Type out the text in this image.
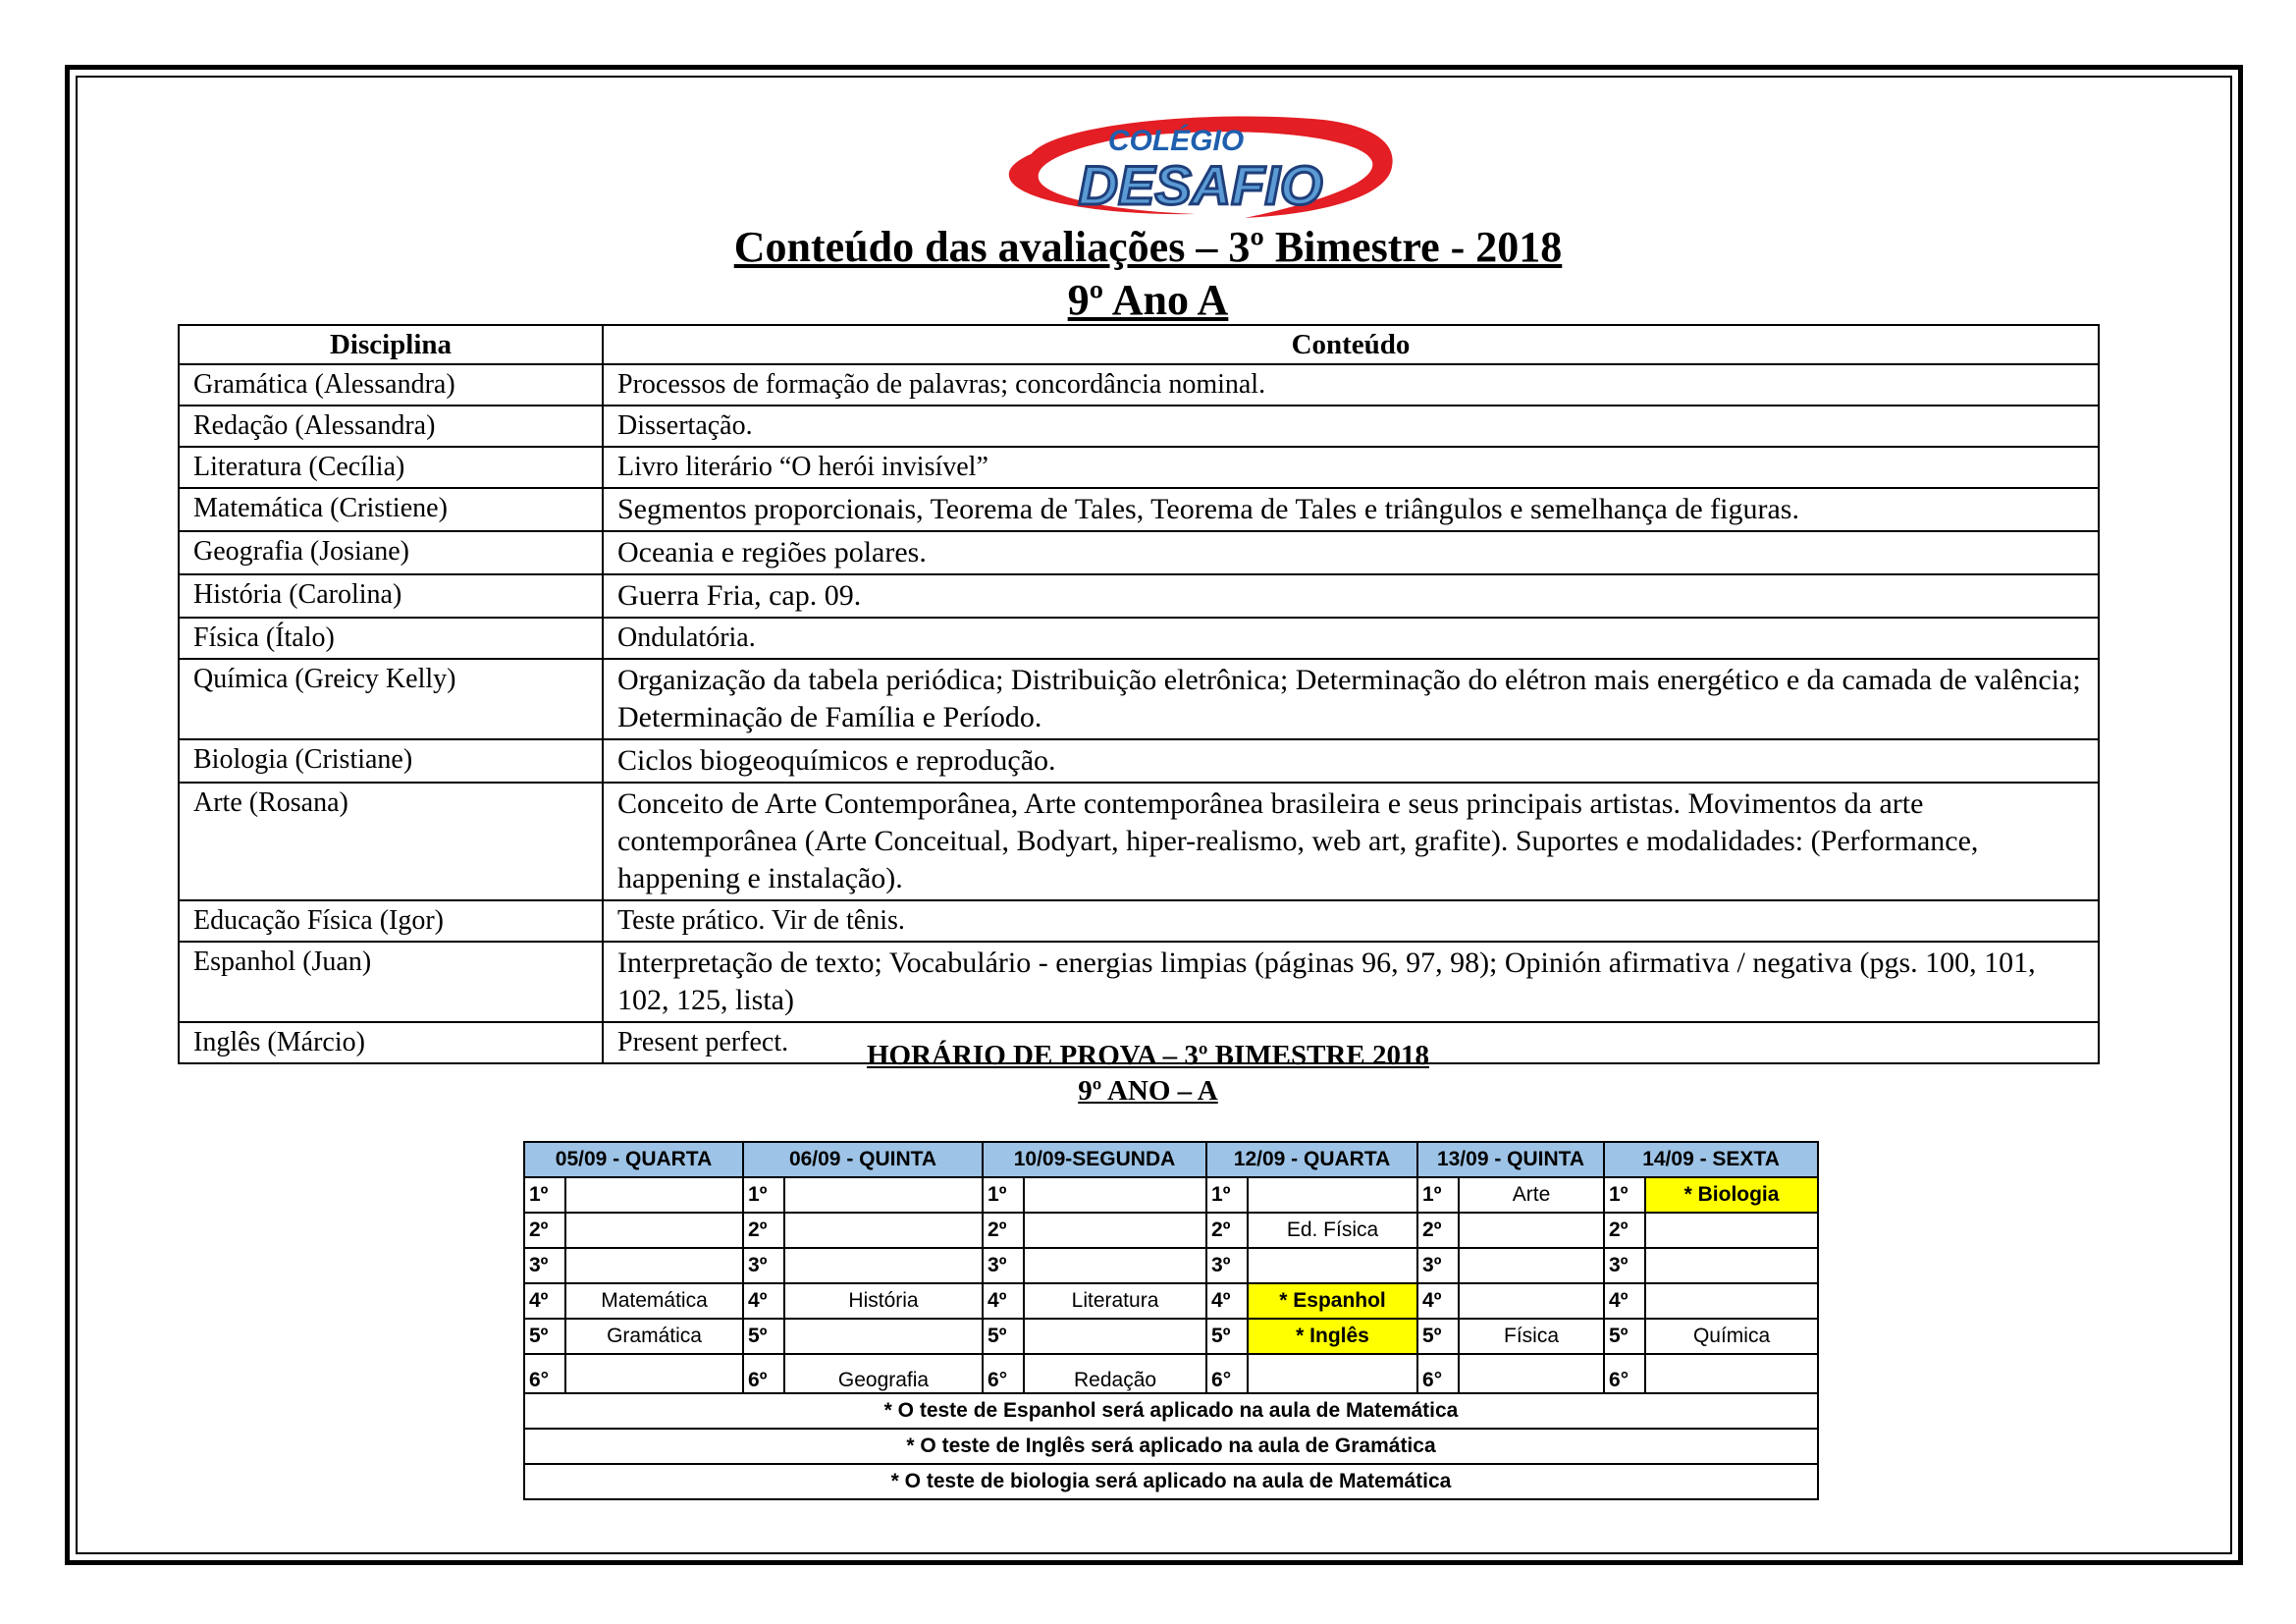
COLÉGIO
DESAFIO
Conteúdo das avaliações – 3º Bimestre - 2018
9º Ano A
Disciplina	Conteúdo
Gramática (Alessandra)	Processos de formação de palavras; concordância nominal.
Redação (Alessandra)	Dissertação.
Literatura (Cecília)	Livro literário “O herói invisível”
Matemática (Cristiene)	Segmentos proporcionais, Teorema de Tales, Teorema de Tales e triângulos e semelhança de figuras.
Geografia (Josiane)	Oceania e regiões polares.
História (Carolina)	Guerra Fria, cap. 09.
Física (Ítalo)	Ondulatória.
Química (Greicy Kelly)	Organização da tabela periódica; Distribuição eletrônica; Determinação do elétron mais energético e da camada de valência; Determinação de Família e Período.
Biologia (Cristiane)	Ciclos biogeoquímicos e reprodução.
Arte (Rosana)	Conceito de Arte Contemporânea, Arte contemporânea brasileira e seus principais artistas. Movimentos da arte contemporânea (Arte Conceitual, Bodyart, hiper-realismo, web art, grafite). Suportes e modalidades: (Performance, happening e instalação).
Educação Física (Igor)	Teste prático. Vir de tênis.
Espanhol (Juan)	Interpretação de texto; Vocabulário - energias limpias (páginas 96, 97, 98); Opinión afirmativa / negativa (pgs. 100, 101, 102, 125, lista)
Inglês (Márcio)	Present perfect.	HORÁRIO DE PROVA – 3º BIMESTRE 2018
9º ANO – A
05/09 - QUARTA		06/09 - QUINTA		10/09-SEGUNDA		12/09 - QUARTA		13/09 - QUINTA		14/09 - SEXTA	
1º		1º		1º		1º		1º	Arte	1º	* Biologia
2º		2º		2º		2º	Ed. Física	2º		2º	
3º		3º		3º		3º		3º		3º	
4º	Matemática	4º	História	4º	Literatura	4º	* Espanhol	4º		4º	
5º	Gramática	5º		5º		5º	* Inglês	5º	Física	5º	Química
6°		6º	Geografia	6°	Redação	6°		6°		6°	
* O teste de Espanhol será aplicado na aula de Matemática											
* O teste de Inglês será aplicado na aula de Gramática											
* O teste de biologia será aplicado na aula de Matemática											
